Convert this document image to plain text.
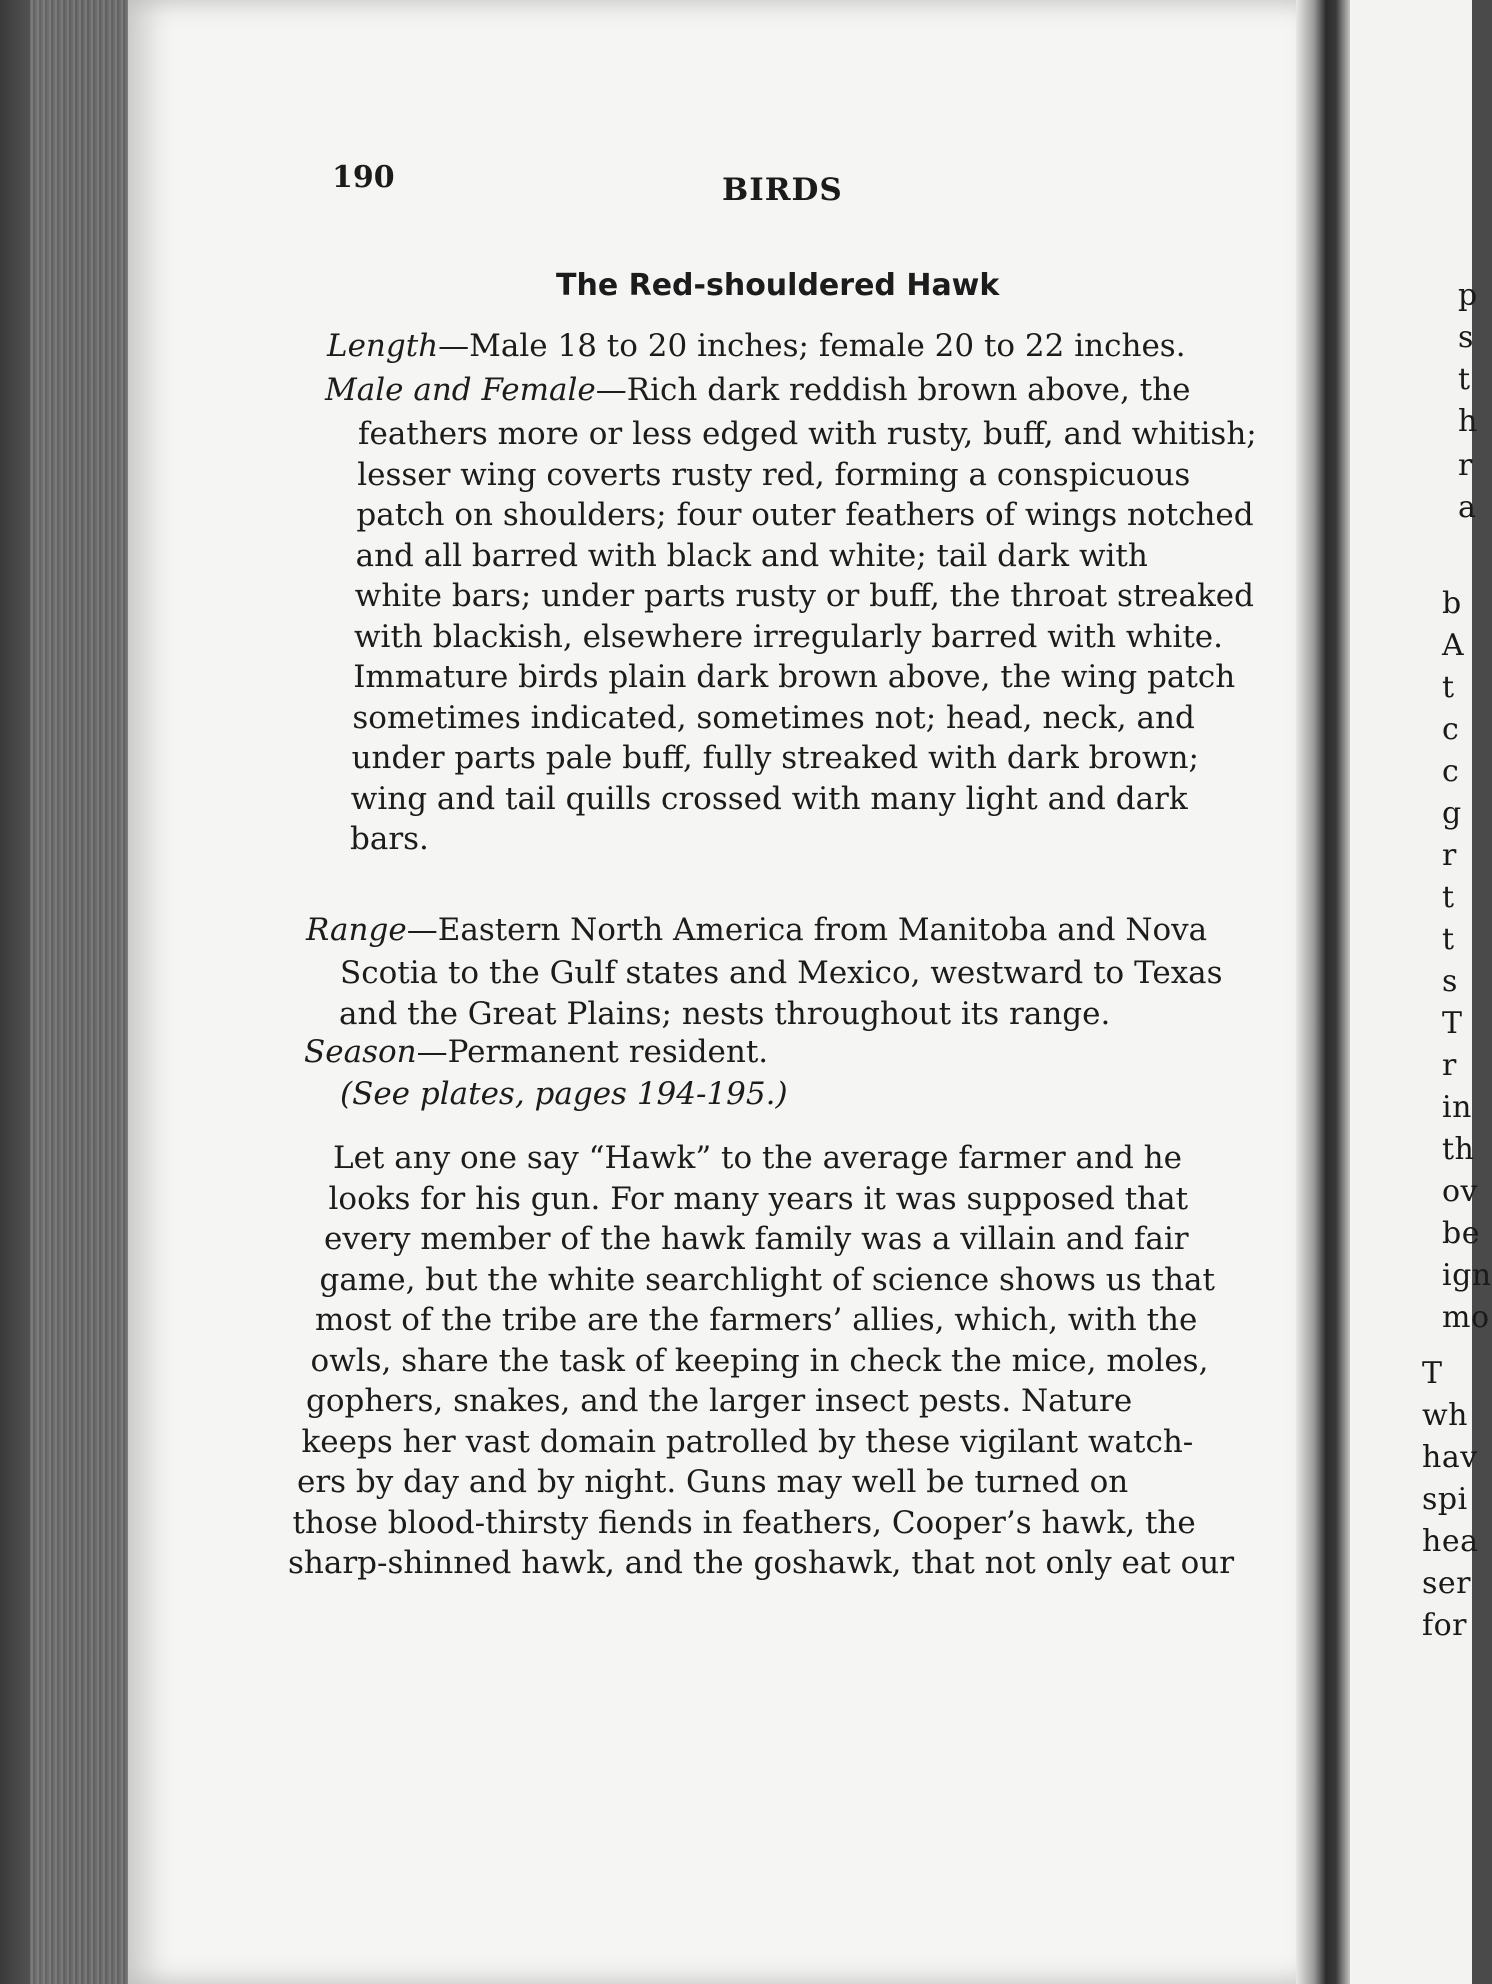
p
s
t
h
r
a
b
A
t
c
c
g
r
t
t
s
T
r
in
th
ov
be
ign
mo
T
wh
hav
spi
hea
ser
for
190	BIRDS
The Red-shouldered Hawk
Length—Male 18 to 20 inches; female 20 to 22 inches.
Male and Female—Rich dark reddish brown above, the
feathers more or less edged with rusty, buff, and whitish;
lesser wing coverts rusty red, forming a conspicuous
patch on shoulders; four outer feathers of wings notched
and all barred with black and white; tail dark with
white bars; under parts rusty or buff, the throat streaked
with blackish, elsewhere irregularly barred with white.
Immature birds plain dark brown above, the wing patch
sometimes indicated, sometimes not; head, neck, and
under parts pale buff, fully streaked with dark brown;
wing and tail quills crossed with many light and dark
bars.
Range—Eastern North America from Manitoba and Nova
Scotia to the Gulf states and Mexico, westward to Texas
and the Great Plains; nests throughout its range.
Season—Permanent resident.
(See plates, pages 194-195.)
Let any one say “Hawk” to the average farmer and he
looks for his gun. For many years it was supposed that
every member of the hawk family was a villain and fair
game, but the white searchlight of science shows us that
most of the tribe are the farmers’ allies, which, with the
owls, share the task of keeping in check the mice, moles,
gophers, snakes, and the larger insect pests. Nature
keeps her vast domain patrolled by these vigilant watch-
ers by day and by night. Guns may well be turned on
those blood-thirsty fiends in feathers, Cooper’s hawk, the
sharp-shinned hawk, and the goshawk, that not only eat our
